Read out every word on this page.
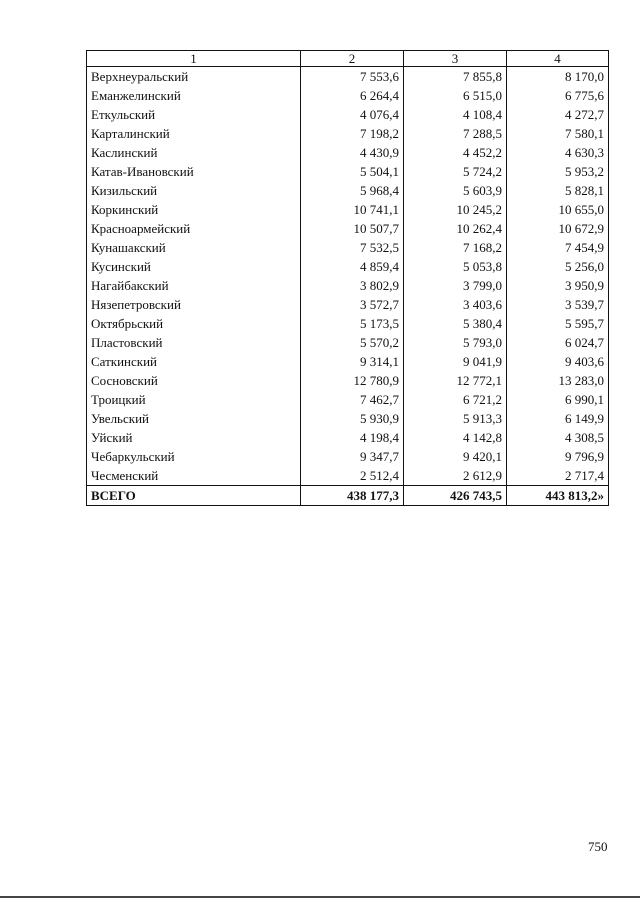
1	2	3	4
Верхнеуральский	7 553,6	7 855,8	8 170,0
Еманжелинский	6 264,4	6 515,0	6 775,6
Еткульский	4 076,4	4 108,4	4 272,7
Карталинский	7 198,2	7 288,5	7 580,1
Каслинский	4 430,9	4 452,2	4 630,3
Катав-Ивановский	5 504,1	5 724,2	5 953,2
Кизильский	5 968,4	5 603,9	5 828,1
Коркинский	10 741,1	10 245,2	10 655,0
Красноармейский	10 507,7	10 262,4	10 672,9
Кунашакский	7 532,5	7 168,2	7 454,9
Кусинский	4 859,4	5 053,8	5 256,0
Нагайбакский	3 802,9	3 799,0	3 950,9
Нязепетровский	3 572,7	3 403,6	3 539,7
Октябрьский	5 173,5	5 380,4	5 595,7
Пластовский	5 570,2	5 793,0	6 024,7
Саткинский	9 314,1	9 041,9	9 403,6
Сосновский	12 780,9	12 772,1	13 283,0
Троицкий	7 462,7	6 721,2	6 990,1
Увельский	5 930,9	5 913,3	6 149,9
Уйский	4 198,4	4 142,8	4 308,5
Чебаркульский	9 347,7	9 420,1	9 796,9
Чесменский	2 512,4	2 612,9	2 717,4
ВСЕГО	438 177,3	426 743,5	443 813,2»
750
